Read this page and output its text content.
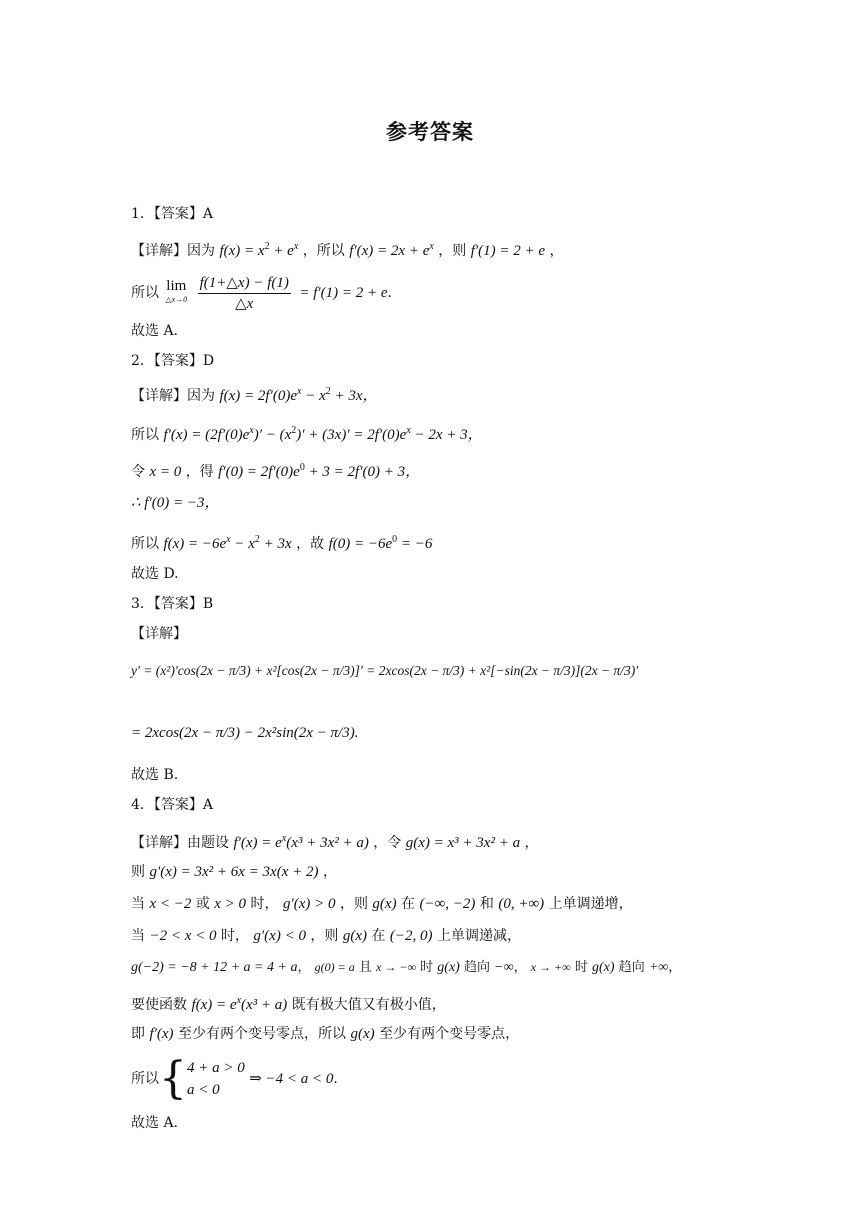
参考答案
1．【答案】A
【详解】因为 $f(x) = x^2 + e^x$ ，所以 $f'(x) = 2x + e^x$ ，则 f′(1) = 2 + e ，
所以 lim
△x→0
$\frac{f(1+\triangle x) - f(1)}{\triangle x} = f'(1) = 2 + e$.
故选 A.
2．【答案】D
【详解】因为 $f(x) = 2f'(0)e^x - x^2 + 3x$，
所以 $f'(x) = (2f'(0)e^x)' - (x^2)' + (3x)' = 2f'(0)e^x - 2x + 3$，
令 x = 0 ，得 $f'(0) = 2f'(0)e^0 + 3 = 2f'(0) + 3$，
∴ f′(0) = −3，
所以 $f(x) = -6e^x - x^2 + 3x$ ，故 $f(0) = -6e^0 = -6$
故选 D.
3．【答案】B
【详解】
y′ = (x²)′cos(2x − π/3) + x²[cos(2x − π/3)]′ = 2xcos(2x − π/3) + x²[−sin(2x − π/3)](2x − π/3)′
= 2xcos(2x − π/3) − 2x²sin(2x − π/3).
故选 B.
4．【答案】A
【详解】由题设 $f'(x) = e^x(x^3 + 3x^2 + a)$ ，令 g(x) = x³ + 3x² + a ，
则 g′(x) = 3x² + 6x = 3x(x + 2) ，
当 x < −2 或 x > 0 时， g′(x) > 0 ，则 g(x) 在 (−∞, −2) 和 (0, +∞) 上单调递增，
当 −2 < x < 0 时， g′(x) < 0 ，则 g(x) 在 (−2, 0) 上单调递减，
g(−2) = −8 + 12 + a = 4 + a， g(0) = a 且 x → −∞ 时 g(x) 趋向 −∞， x → +∞ 时 g(x) 趋向 +∞，
要使函数 $f(x) = e^x(x^3 + a)$ 既有极大值又有极小值，
即 f′(x) 至少有两个变号零点，所以 g(x) 至少有两个变号零点，
所以{ 4 + a > 0
a < 0
⇒ −4 < a < 0.
故选 A.
